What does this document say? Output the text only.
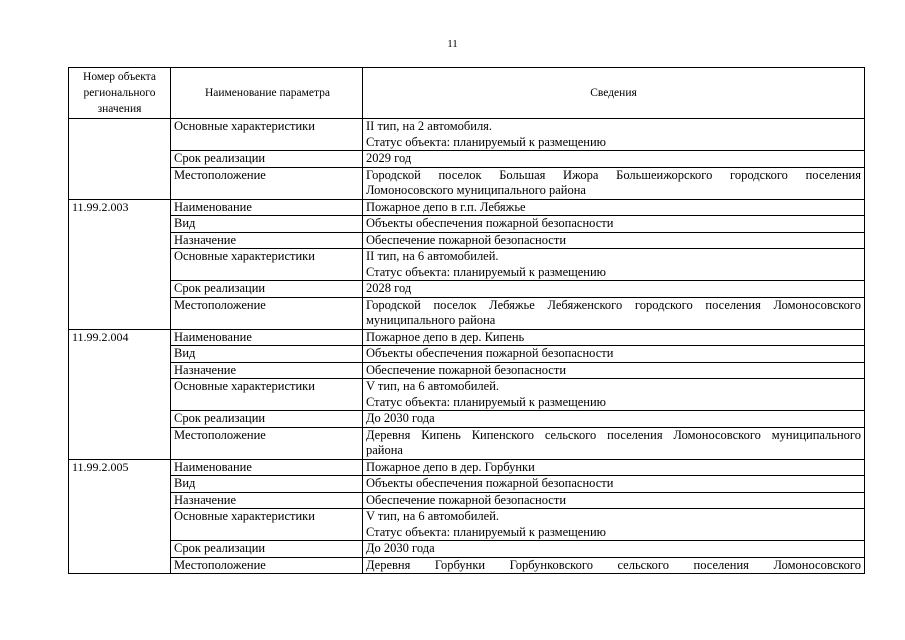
11
Номер объекта регионального значения	Наименование параметра	Сведения
	Основные характеристики	II тип, на 2 автомобиля.
Статус объекта: планируемый к размещению

	Срок реализации	2029 год

	Местоположение	Городской поселок Большая Ижора Большеижорского городского поселения
Ломоносовского муниципального района

11.99.2.003	Наименование	Пожарное депо в г.п. Лебяжье

	Вид	Объекты обеспечения пожарной безопасности

	Назначение	Обеспечение пожарной безопасности

	Основные характеристики	II тип, на 6 автомобилей.
Статус объекта: планируемый к размещению

	Срок реализации	2028 год

	Местоположение	Городской поселок Лебяжье Лебяженского городского поселения Ломоносовского
муниципального района

11.99.2.004	Наименование	Пожарное депо в дер. Кипень

	Вид	Объекты обеспечения пожарной безопасности

	Назначение	Обеспечение пожарной безопасности

	Основные характеристики	V тип, на 6 автомобилей.
Статус объекта: планируемый к размещению

	Срок реализации	До 2030 года

	Местоположение	Деревня Кипень Кипенского сельского поселения Ломоносовского муниципального
района

11.99.2.005	Наименование	Пожарное депо в дер. Горбунки

	Вид	Объекты обеспечения пожарной безопасности

	Назначение	Обеспечение пожарной безопасности

	Основные характеристики	V тип, на 6 автомобилей.
Статус объекта: планируемый к размещению

	Срок реализации	До 2030 года

	Местоположение	Деревня Горбунки Горбунковского сельского поселения Ломоносовского
